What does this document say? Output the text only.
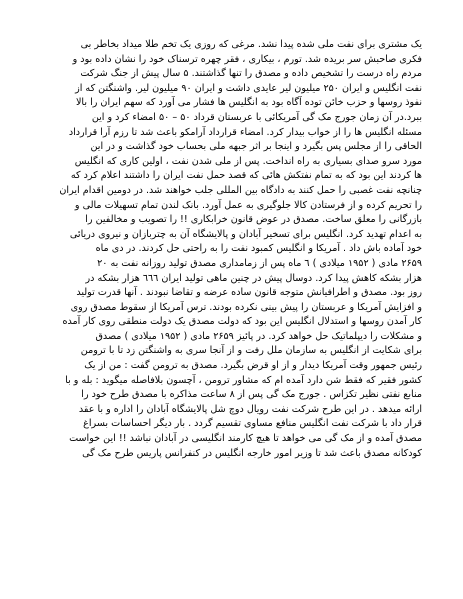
یک مشتری برای نفت ملی شده پیدا نشد. مرغی که روزی یک تخم طلا میداد بخاطر بی
فکری صاحبش سر بریده شد. تورم ، بیکاری ، فقر چهره ترسناک خود را نشان داده بود و
مردم راه درست را تشخیص داده و مصدق را تنها گذاشتند. ۵ سال پیش از جنگ شرکت
نفت انگلیس و ایران ۲۵۰ میلیون لیر عایدی داشت و ایران ۹۰ میلیون لیر. واشنگتن که از
نفوذ روسها و حزب خائن توده آگاه بود به انگلیس ها فشار می آورد که سهم ایران را بالا
ببرد.در آن زمان جورج مک گی آمریکائی با عربستان قرداد ۵۰ – ۵۰ امضاء کرد و این
مسئله انگلیس ها را از خواب بیدار کرد. امضاء قرارداد آرامکو باعث شد تا رزم آرا قرارداد
الحاقی را از مجلس پس بگیرد و اینجا بر اثر جبهه ملی بحساب خود گذاشت و در این
مورد سرو صدای بسیاری به راه انداخت. پس از ملی شدن نفت ، اولین کاری که انگلیس
ها کردند این بود که به تمام نفتکش هائی که قصد حمل نفت ایران را داشتند اعلام کرد که
چنانچه نفت غصبی را حمل کنند به دادگاه بین المللی جلب خواهند شد. در دومین اقدام ایران
را تحریم کرده و از فرستادن کالا جلوگیری به عمل آورد. بانک لندن تمام تسهیلات مالی و
بازرگانی را معلق ساخت. مصدق در عوض قانون خرابکاری !! را تصویب و مخالفین را
به اعدام تهدید کرد. انگلیس برای تسخیر آبادان و پالایشگاه آن به چتربازان و نیروی دریائی
خود آماده باش داد . آمریکا و انگلیس کمبود نفت را به راحتی حل کردند. در دی ماه
۲۶۵۹ مادی ( ۱۹۵۲ میلادی ) ٦ ماه پس از زمامداری مصدق تولید روزانه نفت به ۲۰
هزار بشکه کاهش پیدا کرد. دوسال پیش در چنین ماهی تولید ایران ٦٦٦ هزار بشکه در
روز بود. مصدق و اطرافیانش متوجه قانون ساده عرضه و تقاضا نبودند . آنها قدرت تولید
و افزایش آمریکا و عربستان را پیش بینی نکرده بودند. ترس آمریکا از سقوط مصدق روی
کار آمدن روسها و استدلال انگلیس این بود که دولت مصدق یک دولت منطقی روی کار آمده
و مشکلات را دیپلماتیک حل خواهد کرد. در پائیز ۲۶۵۹ مادی ( ۱۹۵۲ میلادی ) مصدق
برای شکایت از انگلیس به سازمان ملل رفت و از آنجا سری به واشنگتن زد تا با ترومن
رئیس جمهور وقت آمریکا دیدار و از او قرض بگیرد. مصدق به ترومن گفت : من از یک
کشور فقیر که فقط شن دارد آمده ام که مشاور ترومن ، آچسون بلافاصله میگوید : بله و با
منابع نفتی نظیر تکزاس . جورج مک گی پس از ۸ ساعت مذاکره با مصدق طرح خود را
ارائه میدهد . در این طرح شرکت نفت رویال دوچ شل پالایشگاه آبادان را اداره و با عقد
قرار داد با شرکت نفت انگلیس منافع مساوی تقسیم گردد . بار دیگر احساسات بسراغ
مصدق آمده و از مک گی می خواهد تا هیچ کارمند انگلیسی در آبادان نباشد !! این خواست
کودکانه مصدق باعث شد تا وزیر امور خارجه انگلیس در کنفرانس پاریس طرح مک گی
